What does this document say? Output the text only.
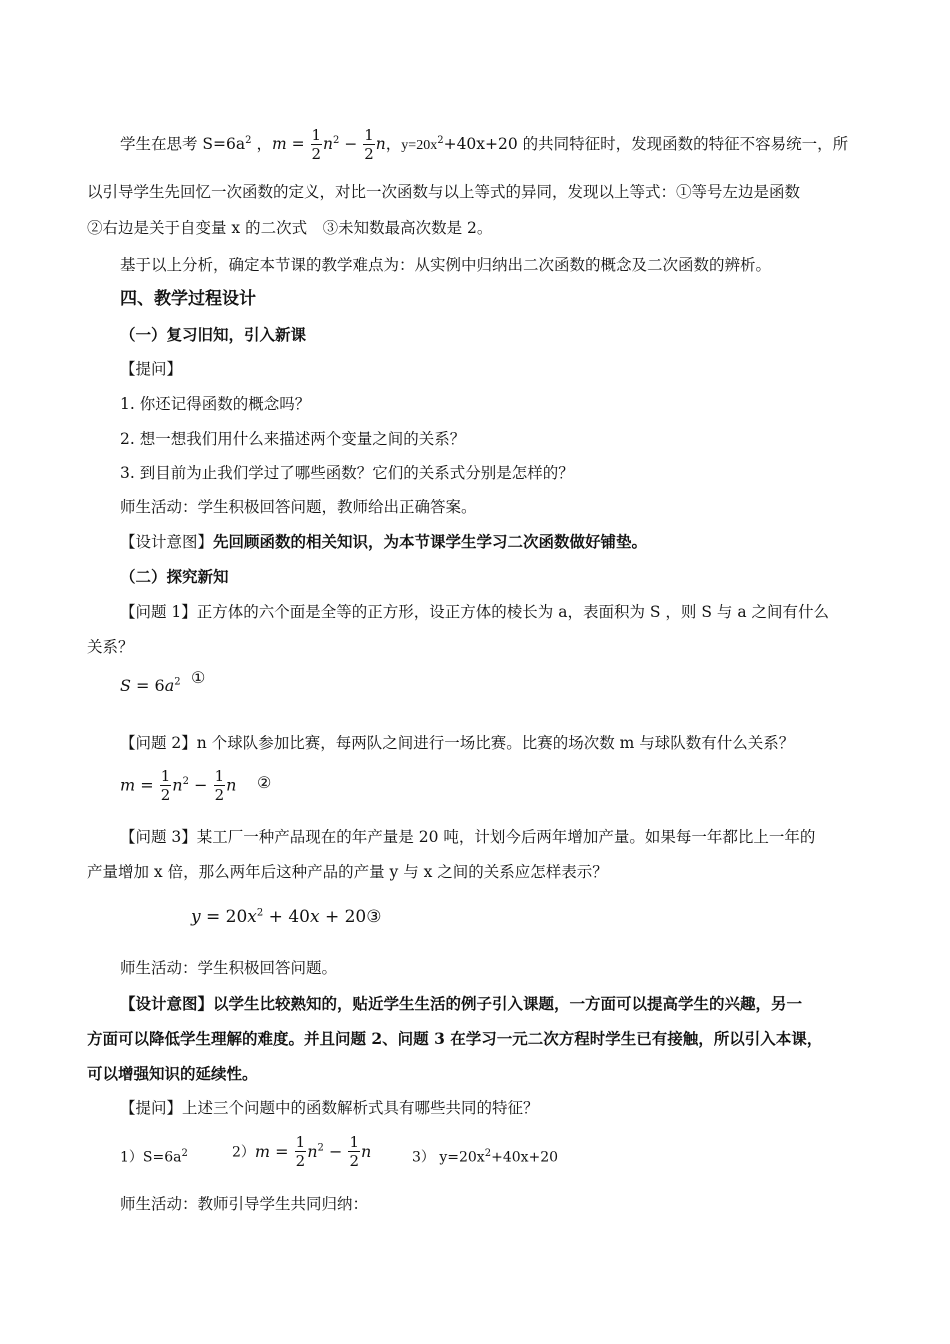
学生在思考 $S=6a^2$ ，$m = \frac{1}{2} n^2 - \frac{1}{2}$ n，$y=20x^2+40x+20$ 的共同特征时，发现函数的特征不容易统一，所
以引导学生先回忆一次函数的定义，对比一次函数与以上等式的异同，发现以上等式：①等号左边是函数
②右边是关于自变量 x 的二次式　③未知数最高次数是 2。
基于以上分析，确定本节课的教学难点为：从实例中归纳出二次函数的概念及二次函数的辨析。
四、教学过程设计
（一）复习旧知，引入新课
【提问】
1. 你还记得函数的概念吗？
2. 想一想我们用什么来描述两个变量之间的关系？
3. 到目前为止我们学过了哪些函数？它们的关系式分别是怎样的？
师生活动：学生积极回答问题，教师给出正确答案。
【设计意图】先回顾函数的相关知识，为本节课学生学习二次函数做好铺垫。
（二）探究新知
【问题 1】正方体的六个面是全等的正方形，设正方体的棱长为 a，表面积为 S ，则 S 与 a 之间有什么
关系？
$S = 6a^2$ ①
【问题 2】n 个球队参加比赛，每两队之间进行一场比赛。比赛的场次数 m 与球队数有什么关系？
$m = \frac{1}{2} n^2 - \frac{1}{2}$ n ②
【问题 3】某工厂一种产品现在的年产量是 20 吨，计划今后两年增加产量。如果每一年都比上一年的
产量增加 x 倍，那么两年后这种产品的产量 y 与 x 之间的关系应怎样表示？
$y = 20x^2 + 40x$ + 20③
师生活动：学生积极回答问题。
【设计意图】以学生比较熟知的，贴近学生生活的例子引入课题，一方面可以提高学生的兴趣，另一
方面可以降低学生理解的难度。并且问题 2、问题 3 在学习一元二次方程时学生已有接触，所以引入本课，
可以增强知识的延续性。
【提问】上述三个问题中的函数解析式具有哪些共同的特征？
$1)S=6a^2$	$2)m = \frac{1}{2} n^2 - \frac{1}{2}$ n	3） $y=20x^2+40x+20$
师生活动：教师引导学生共同归纳：
